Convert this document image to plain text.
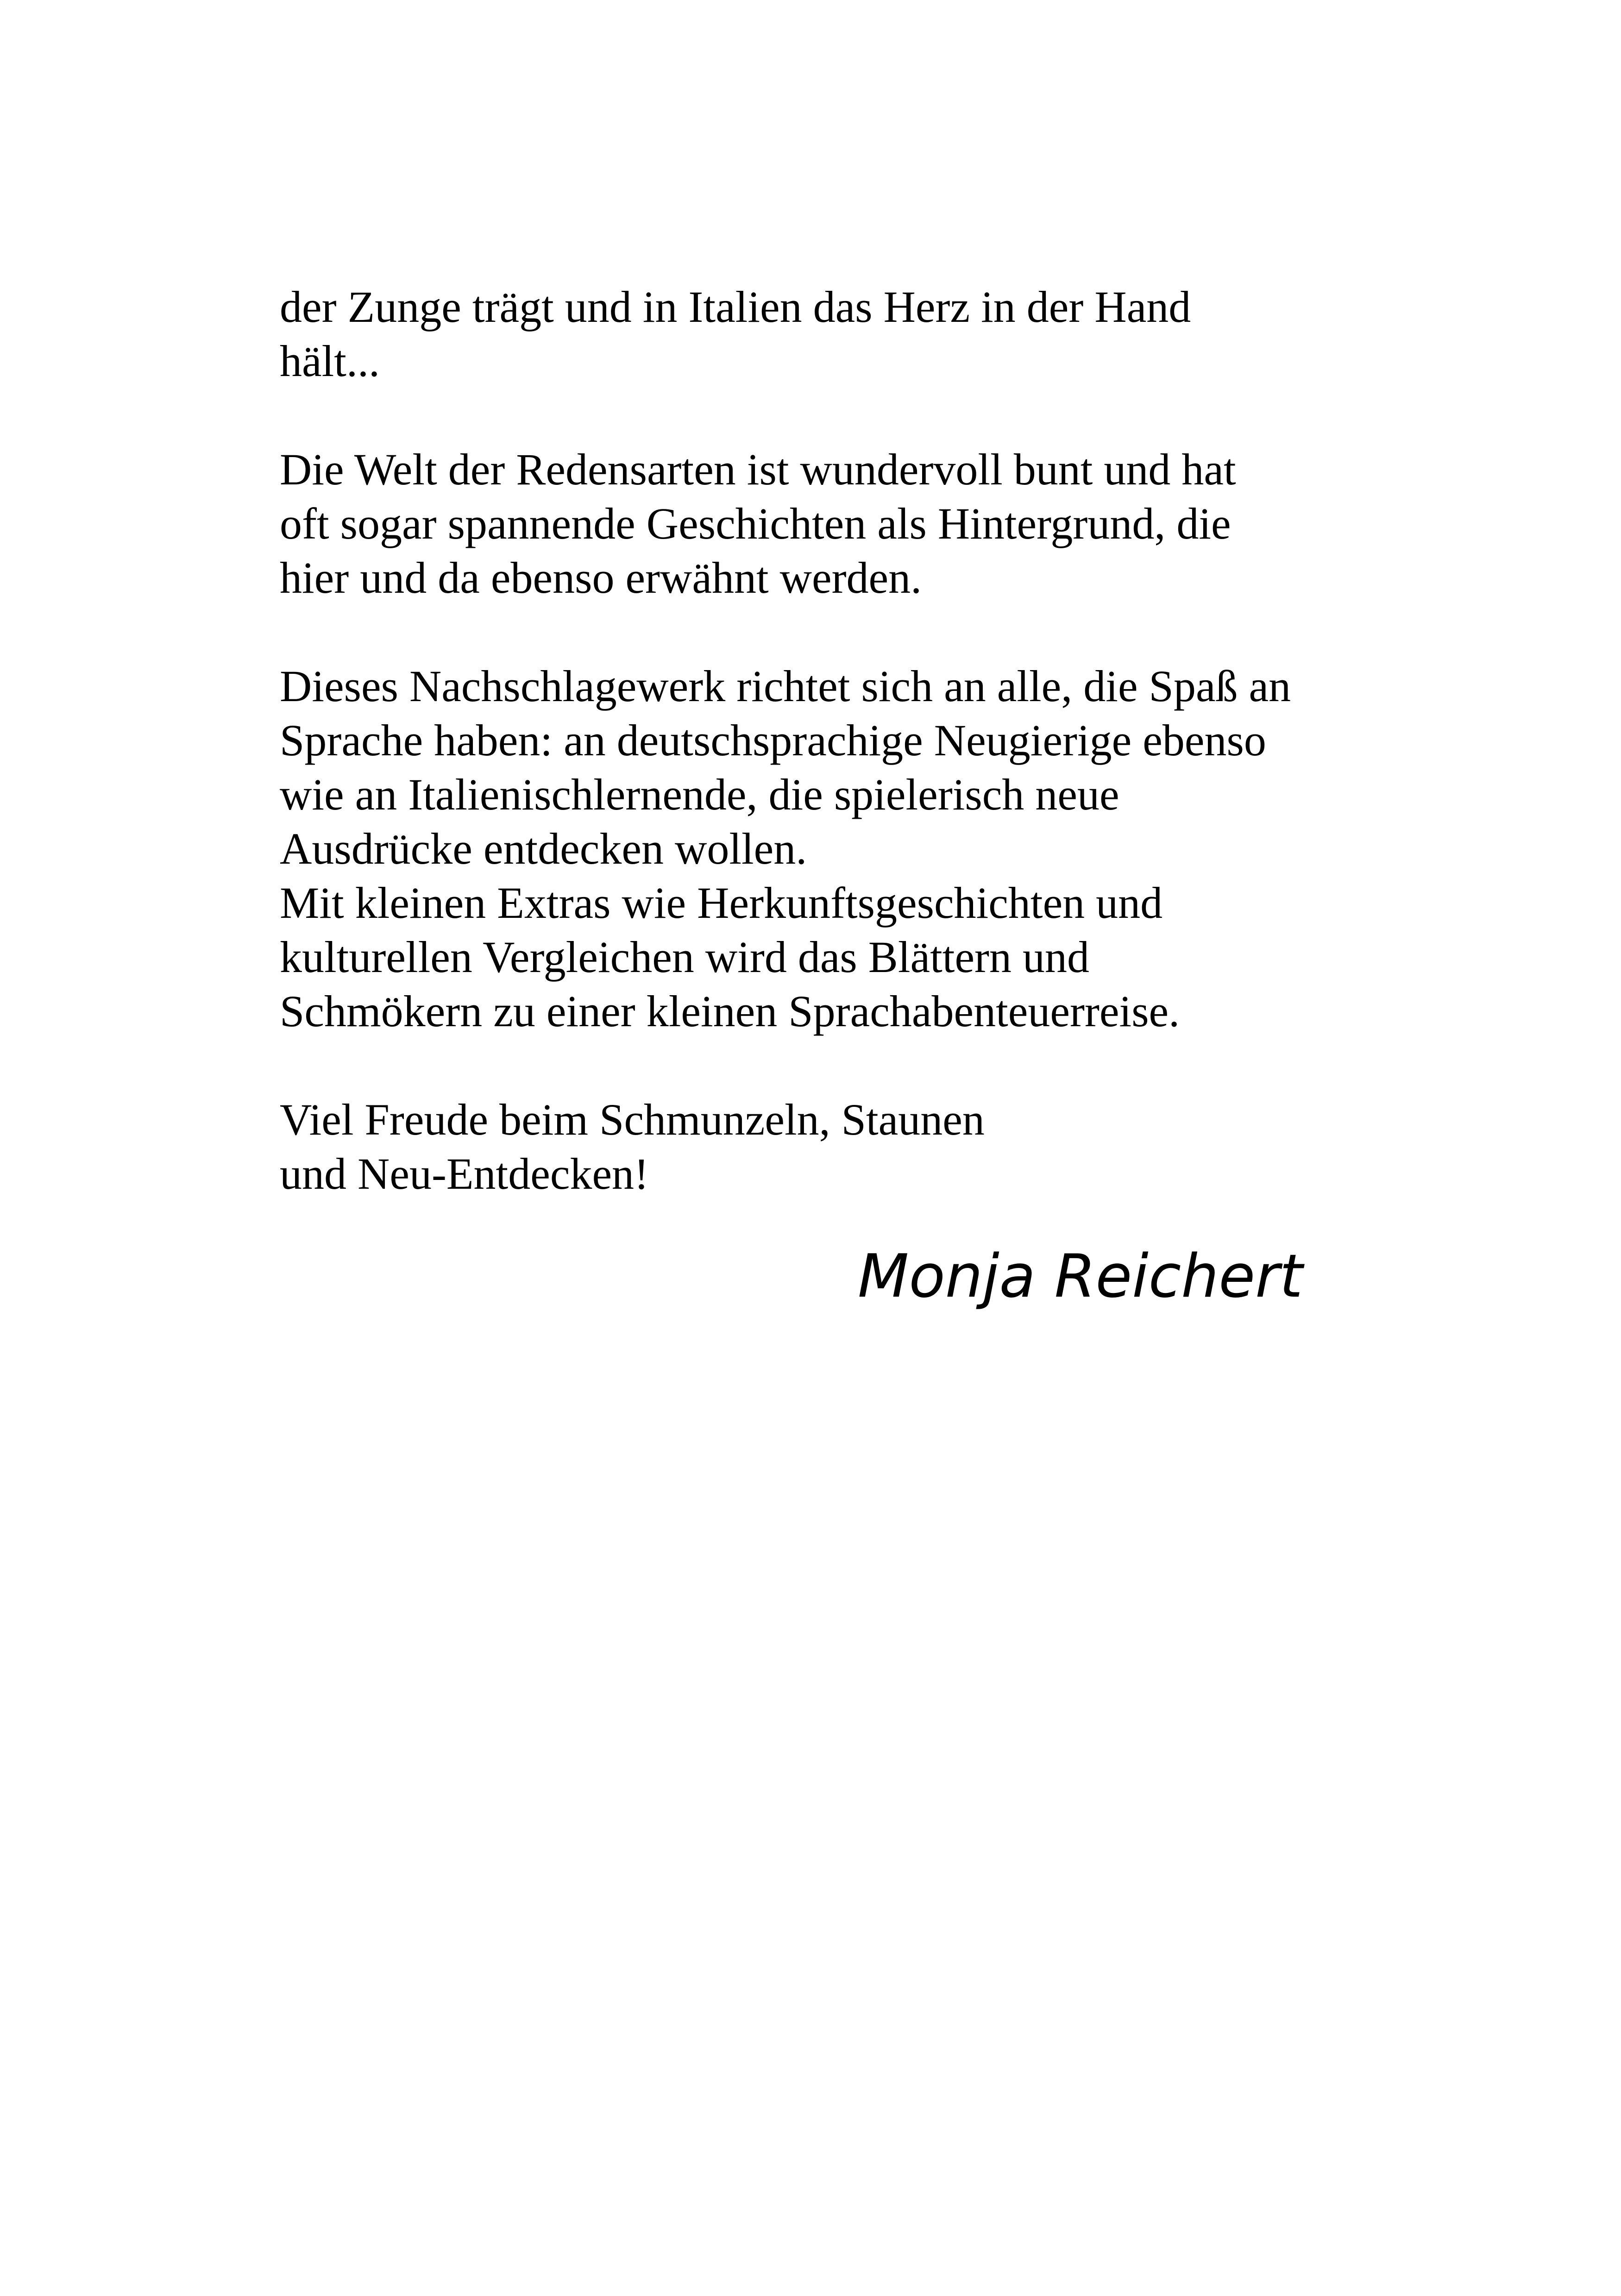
der Zunge trägt und in Italien das Herz in der Hand
hält...

Die Welt der Redensarten ist wundervoll bunt und hat
oft sogar spannende Geschichten als Hintergrund, die
hier und da ebenso erwähnt werden.

Dieses Nachschlagewerk richtet sich an alle, die Spaß an
Sprache haben: an deutschsprachige Neugierige ebenso
wie an Italienischlernende, die spielerisch neue
Ausdrücke entdecken wollen.
Mit kleinen Extras wie Herkunftsgeschichten und
kulturellen Vergleichen wird das Blättern und
Schmökern zu einer kleinen Sprachabenteuerreise.

Viel Freude beim Schmunzeln, Staunen
und Neu-Entdecken!

Monja Reichert
